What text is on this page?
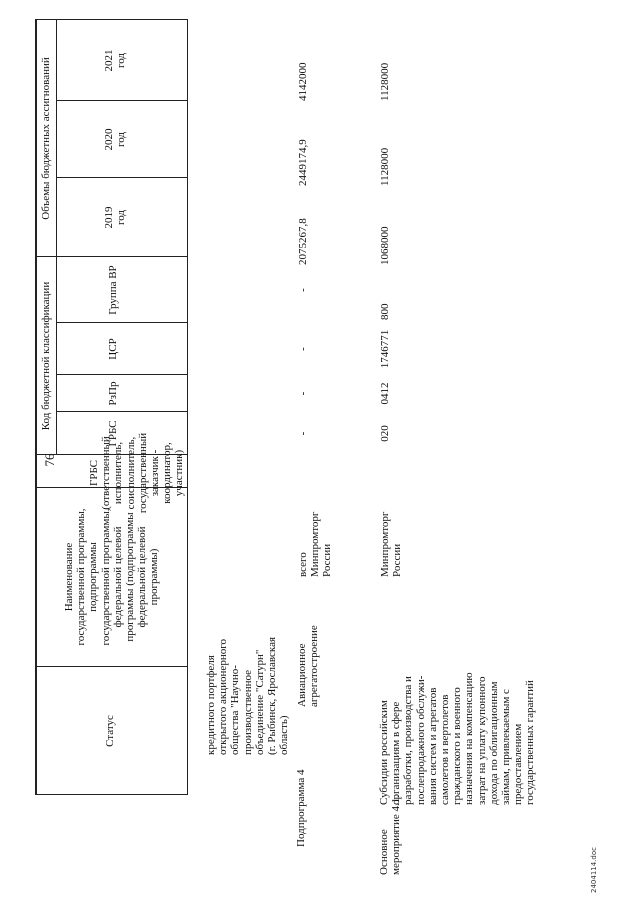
76
Статус
Наименование
государственной программы,
подпрограммы
государственной программы,
федеральной целевой
программы (подпрограммы
федеральной целевой
программы)
ГРБС
(ответственный
исполнитель,
соисполнитель,
государственный
заказчик -
координатор,
участник)
Код бюджетной классификации
ГРБС
РзПр
ЦСР
Группа ВР
Объемы бюджетных ассигнований	2019
год
2020
год
2021
год
кредитного портфеля
открытого акционерного
общества "Научно-
производственное
объединение "Сатурн"
(г. Рыбинск, Ярославская
область)
Подпрограмма 4
Авиационное
агрегатостроение
всего
Минпромторг
России
-
-
-
-
2075267,8
2449174,9
4142000
Основное
мероприятие 4.1.
Субсидии российским
организациям в сфере
разработки, производства и
послепродажного обслужи-
вания систем и агрегатов
самолетов и вертолетов
гражданского и военного
назначения на компенсацию
затрат на уплату купонного
дохода по облигационным
займам, привлекаемым с
предоставлением
государственных гарантий
Минпромторг
России
020
0412
1746771
800
1068000
1128000
1128000
2404114.doc
